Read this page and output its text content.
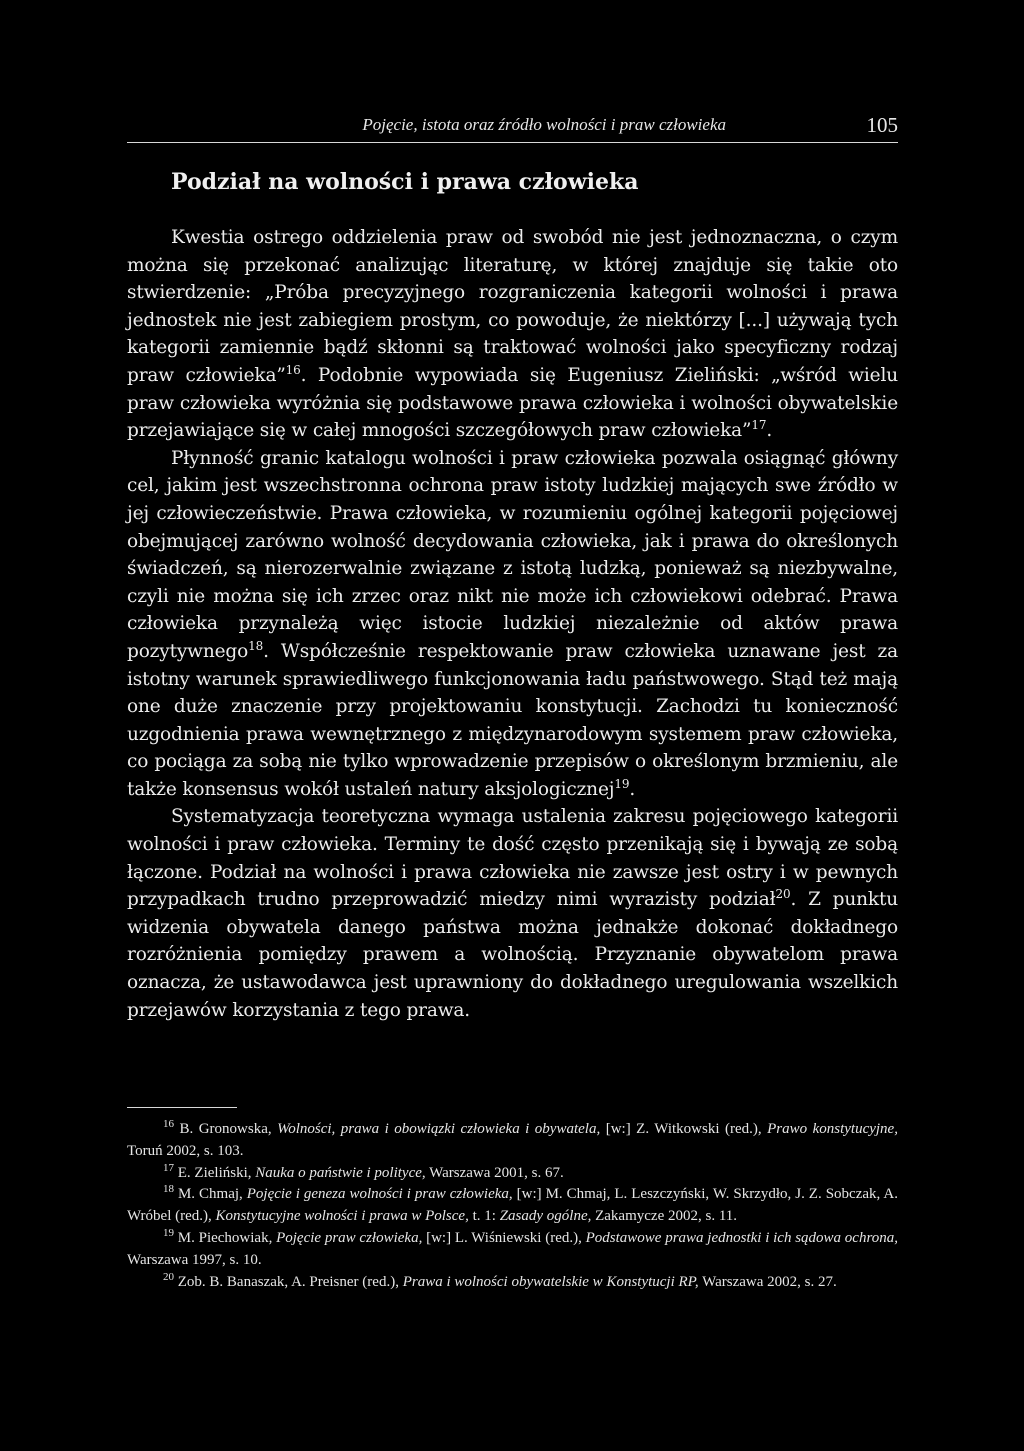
Pojęcie, istota oraz źródło wolności i praw człowieka	105
Podział na wolności i prawa człowieka

Kwestia ostrego oddzielenia praw od swobód nie jest jednoznaczna, o czym można się przekonać analizując literaturę, w której znajduje się takie oto stwierdzenie: „Próba precyzyjnego rozgraniczenia kategorii wolności i prawa jednostek nie jest zabiegiem prostym, co powoduje, że niektórzy [...] używają tych kategorii zamiennie bądź skłonni są traktować wolności jako specyficzny rodzaj praw człowieka”$^{16}$. Podobnie wypowiada się Eugeniusz Zieliński: „wśród wielu praw człowieka wyróżnia się podstawowe prawa człowieka i wolności obywatelskie przejawiające się w całej mnogości szczegółowych praw człowieka”$^{17}$.

Płynność granic katalogu wolności i praw człowieka pozwala osiągnąć główny cel, jakim jest wszechstronna ochrona praw istoty ludzkiej mających swe źródło w jej człowieczeństwie. Prawa człowieka, w rozumieniu ogólnej kategorii pojęciowej obejmującej zarówno wolność decydowania człowieka, jak i prawa do określonych świadczeń, są nierozerwalnie związane z istotą ludzką, ponieważ są niezbywalne, czyli nie można się ich zrzec oraz nikt nie może ich człowiekowi odebrać. Prawa człowieka przynależą więc istocie ludzkiej niezależnie od aktów prawa pozytywnego$^{18}$. Współcześnie respektowanie praw człowieka uznawane jest za istotny warunek sprawiedliwego funkcjonowania ładu państwowego. Stąd też mają one duże znaczenie przy projektowaniu konstytucji. Zachodzi tu konieczność uzgodnienia prawa wewnętrznego z międzynarodowym systemem praw człowieka, co pociąga za sobą nie tylko wprowadzenie przepisów o określonym brzmieniu, ale także konsensus wokół ustaleń natury aksjologicznej$^{19}$.

Systematyzacja teoretyczna wymaga ustalenia zakresu pojęciowego kategorii wolności i praw człowieka. Terminy te dość często przenikają się i bywają ze sobą łączone. Podział na wolności i prawa człowieka nie zawsze jest ostry i w pewnych przypadkach trudno przeprowadzić miedzy nimi wyrazisty podział$^{20}$. Z punktu widzenia obywatela danego państwa można jednakże dokonać dokładnego rozróżnienia pomiędzy prawem a wolnością. Przyznanie obywatelom prawa oznacza, że ustawodawca jest uprawniony do dokładnego uregulowania wszelkich przejawów korzystania z tego prawa.

$^{16}$ B. Gronowska, Wolności, prawa i obowiązki człowieka i obywatela, [w:] Z. Witkowski (red.), Prawo konstytucyjne, Toruń 2002, s. 103.

$^{17}$ E. Zieliński, Nauka o państwie i polityce, Warszawa 2001, s. 67.

$^{18}$ M. Chmaj, Pojęcie i geneza wolności i praw człowieka, [w:] M. Chmaj, L. Leszczyński, W. Skrzydło, J. Z. Sobczak, A. Wróbel (red.), Konstytucyjne wolności i prawa w Polsce, t. 1: Zasady ogólne, Zakamycze 2002, s. 11.

$^{19}$ M. Piechowiak, Pojęcie praw człowieka, [w:] L. Wiśniewski (red.), Podstawowe prawa jednostki i ich sądowa ochrona, Warszawa 1997, s. 10.

$^{20}$ Zob. B. Banaszak, A. Preisner (red.), Prawa i wolności obywatelskie w Konstytucji RP, Warszawa 2002, s. 27.
